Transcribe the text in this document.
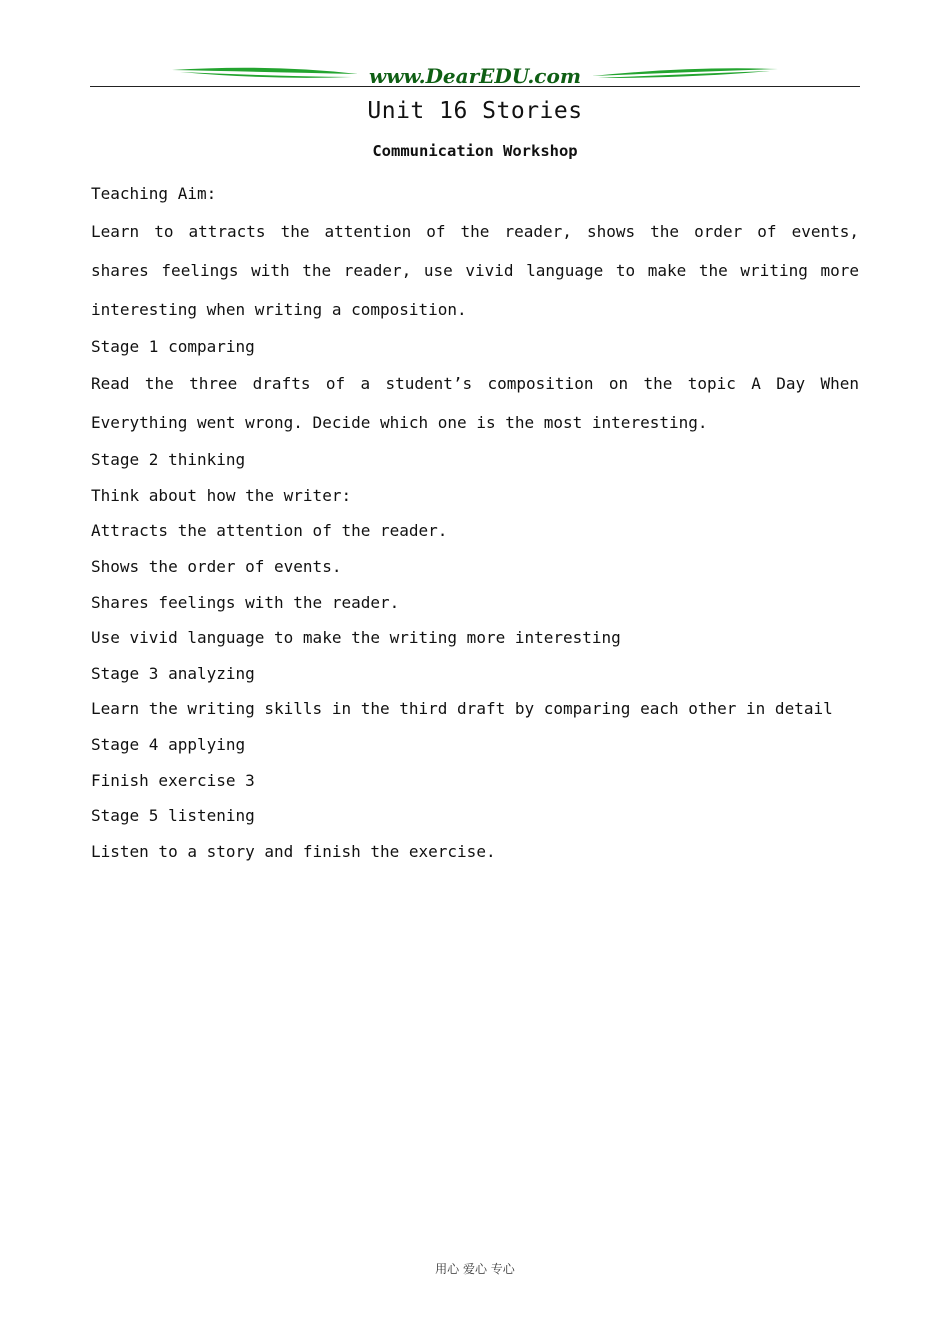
www.DearEDU.com
Unit 16 Stories
Communication Workshop
Teaching Aim:
Learn to attracts the attention of the reader, shows the order of events, shares feelings with the reader, use vivid language to make the writing more interesting when writing a composition.
Stage 1 comparing
Read the three drafts of a student’s composition on the topic A Day When Everything went wrong. Decide which one is the most interesting.
Stage 2 thinking
Think about how the writer:
Attracts the attention of the reader.
Shows the order of events.
Shares feelings with the reader.
Use vivid language to make the writing more interesting
Stage 3 analyzing
Learn the writing skills in the third draft by comparing each other in detail
Stage 4 applying
Finish exercise 3
Stage 5 listening
Listen to a story and finish the exercise.
用心 爱心 专心
